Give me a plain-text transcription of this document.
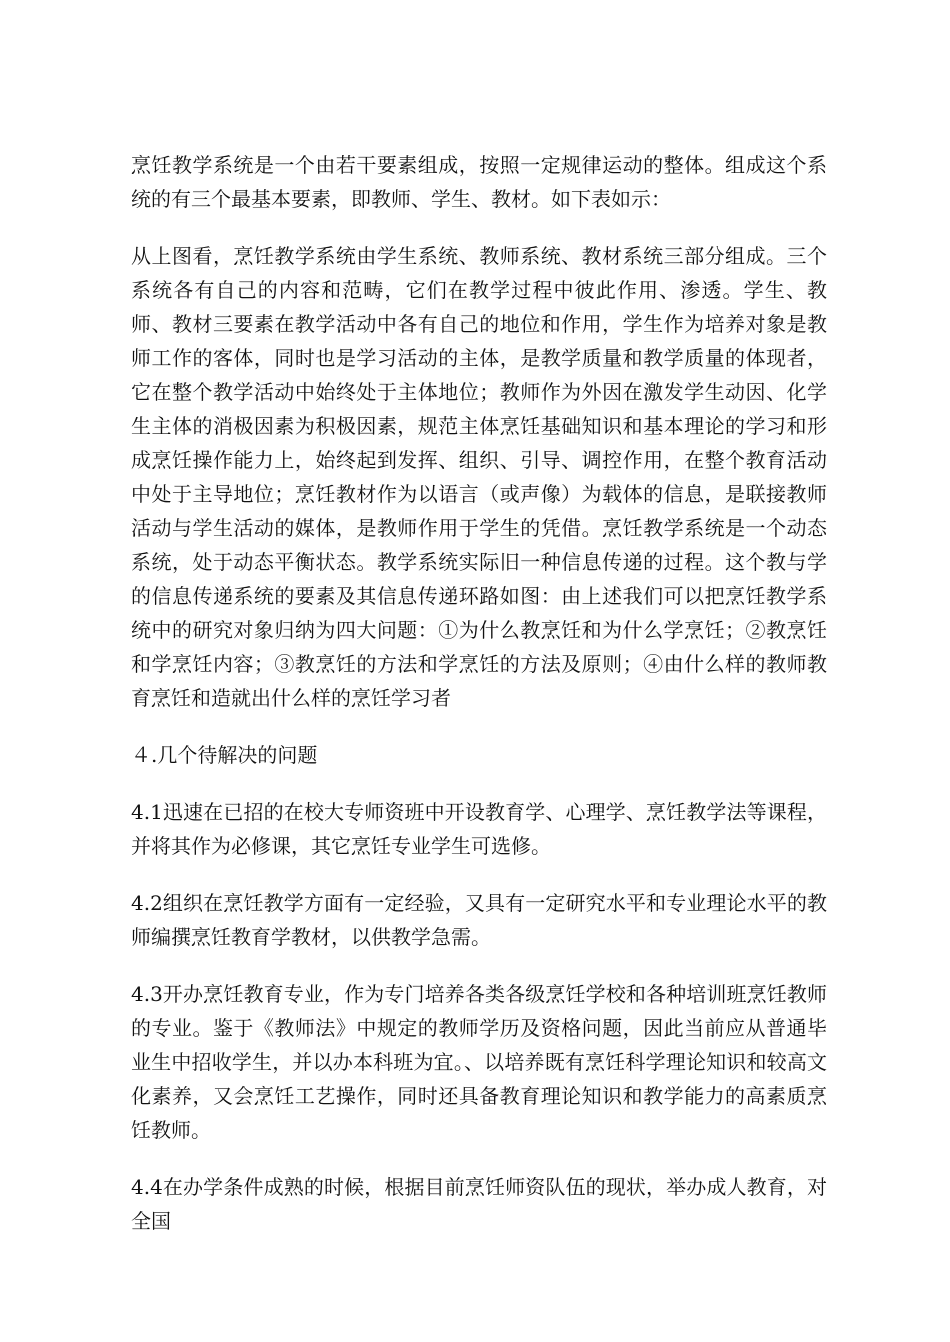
烹饪教学系统是一个由若干要素组成，按照一定规律运动的整体。组成这个系统的有三个最基本要素，即教师、学生、教材。如下表如示：

从上图看，烹饪教学系统由学生系统、教师系统、教材系统三部分组成。三个系统各有自己的内容和范畴，它们在教学过程中彼此作用、渗透。学生、教师、教材三要素在教学活动中各有自己的地位和作用，学生作为培养对象是教师工作的客体，同时也是学习活动的主体，是教学质量和教学质量的体现者，它在整个教学活动中始终处于主体地位；教师作为外因在激发学生动因、化学生主体的消极因素为积极因素，规范主体烹饪基础知识和基本理论的学习和形成烹饪操作能力上，始终起到发挥、组织、引导、调控作用，在整个教育活动中处于主导地位；烹饪教材作为以语言（或声像）为载体的信息，是联接教师活动与学生活动的媒体，是教师作用于学生的凭借。烹饪教学系统是一个动态系统，处于动态平衡状态。教学系统实际旧一种信息传递的过程。这个教与学的信息传递系统的要素及其信息传递环路如图：由上述我们可以把烹饪教学系统中的研究对象归纳为四大问题：①为什么教烹饪和为什么学烹饪；②教烹饪和学烹饪内容；③教烹饪的方法和学烹饪的方法及原则；④由什么样的教师教育烹饪和造就出什么样的烹饪学习者

４.几个待解决的问题

4.1迅速在已招的在校大专师资班中开设教育学、心理学、烹饪教学法等课程，并将其作为必修课，其它烹饪专业学生可选修。

4.2组织在烹饪教学方面有一定经验，又具有一定研究水平和专业理论水平的教师编撰烹饪教育学教材，以供教学急需。

4.3开办烹饪教育专业，作为专门培养各类各级烹饪学校和各种培训班烹饪教师的专业。鉴于《教师法》中规定的教师学历及资格问题，因此当前应从普通毕业生中招收学生，并以办本科班为宜。、以培养既有烹饪科学理论知识和较高文化素养，又会烹饪工艺操作，同时还具备教育理论知识和教学能力的高素质烹饪教师。

4.4在办学条件成熟的时候，根据目前烹饪师资队伍的现状，举办成人教育，对全国
